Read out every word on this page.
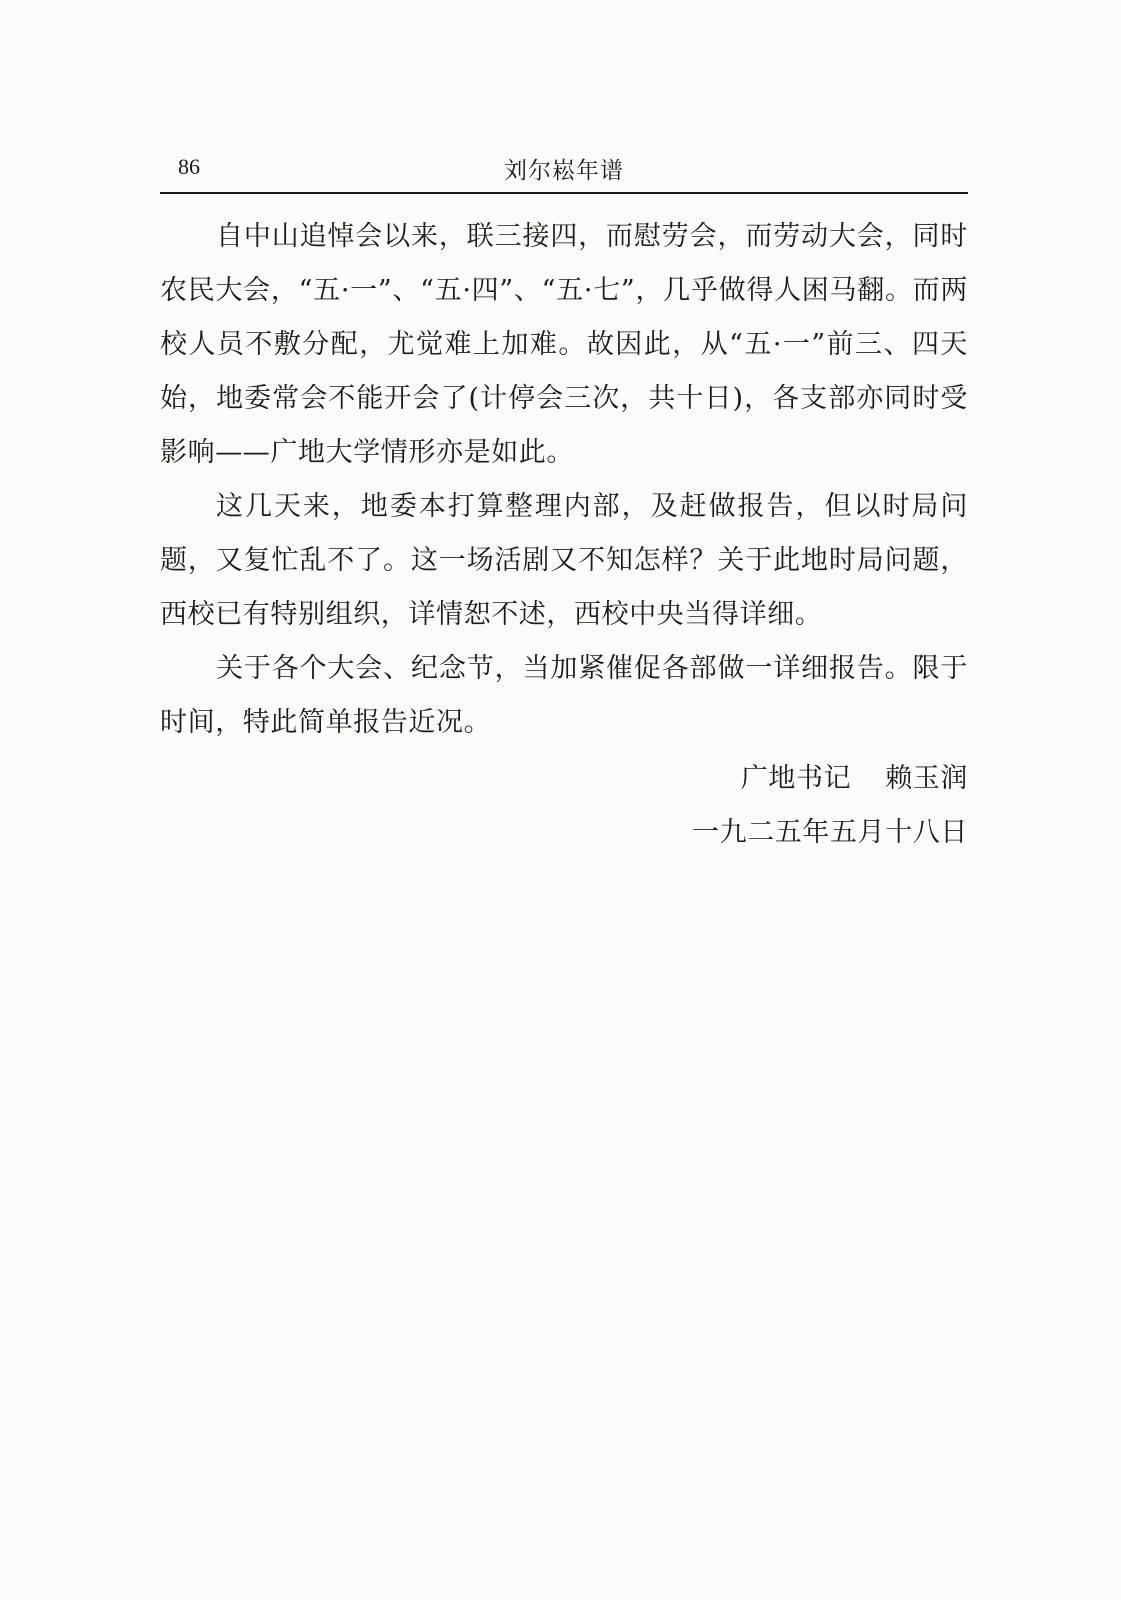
86	刘尔崧年谱

自中山追悼会以来，联三接四，而慰劳会，而劳动大会，同时农民大会，“五·一”、“五·四”、“五·七”，几乎做得人困马翻。而两校人员不敷分配，尤觉难上加难。故因此，从“五·一”前三、四天始，地委常会不能开会了(计停会三次，共十日)，各支部亦同时受影响——广地大学情形亦是如此。

这几天来，地委本打算整理内部，及赶做报告，但以时局问题，又复忙乱不了。这一场活剧又不知怎样？关于此地时局问题，西校已有特别组织，详情恕不述，西校中央当得详细。

关于各个大会、纪念节，当加紧催促各部做一详细报告。限于时间，特此简单报告近况。

广地书记 赖玉润
一九二五年五月十八日
